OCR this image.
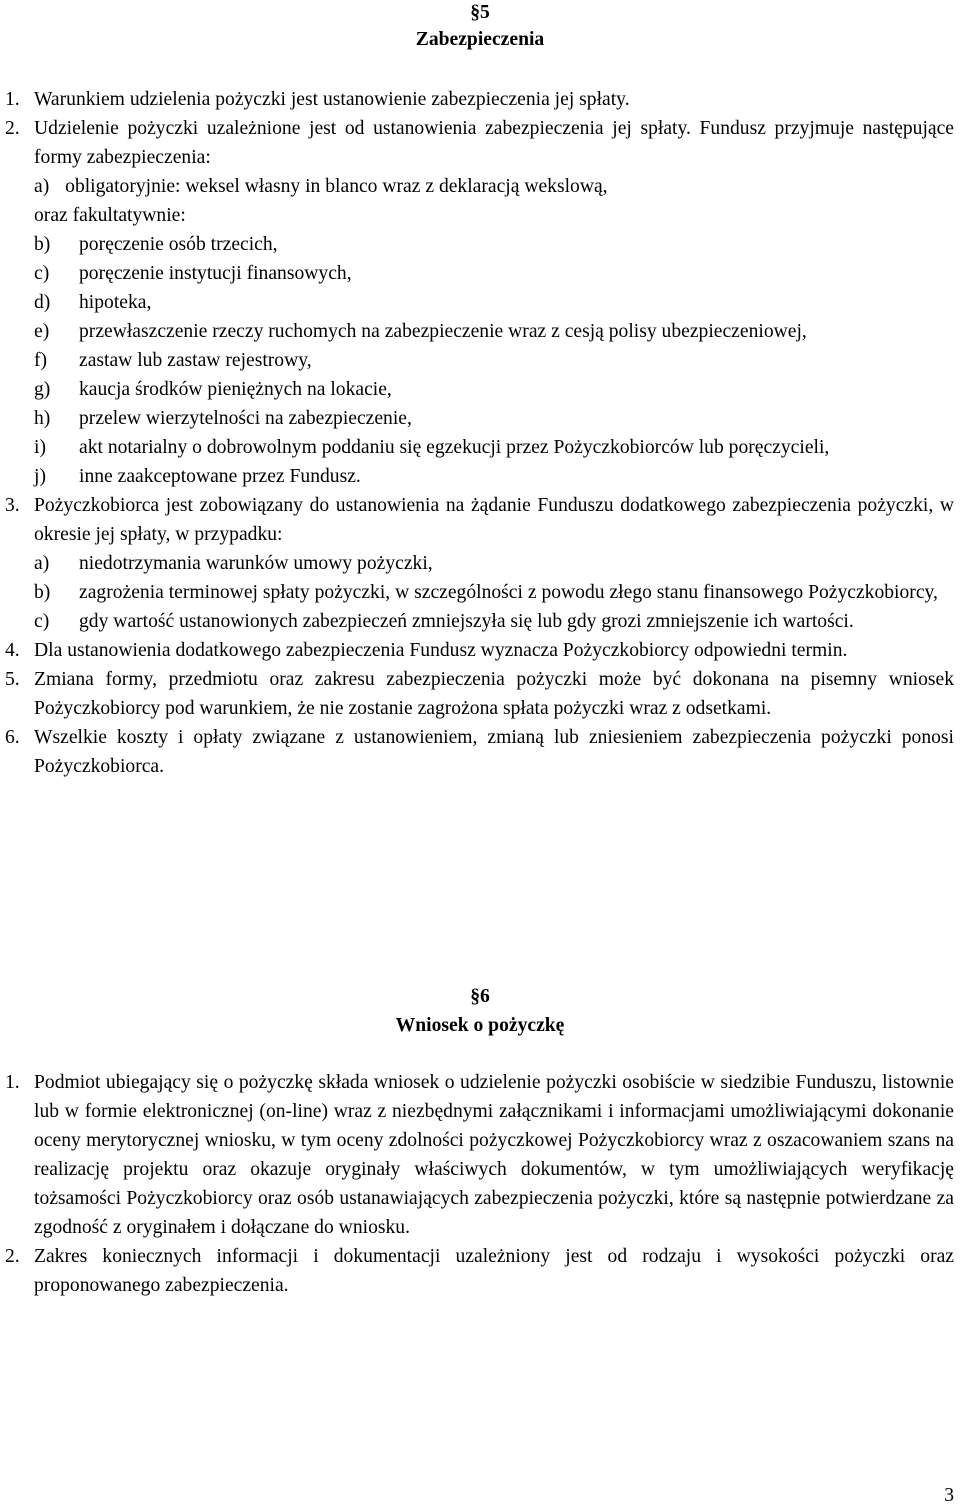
§5

Zabezpieczenia

1. Warunkiem udzielenia pożyczki jest ustanowienie zabezpieczenia jej spłaty.
2. Udzielenie pożyczki uzależnione jest od ustanowienia zabezpieczenia jej spłaty. Fundusz przyjmuje następujące formy zabezpieczenia:
a) obligatoryjnie: weksel własny in blanco wraz z deklaracją wekslową,
oraz fakultatywnie:
b) poręczenie osób trzecich,
c) poręczenie instytucji finansowych,
d) hipoteka,
e) przewłaszczenie rzeczy ruchomych na zabezpieczenie wraz z cesją polisy ubezpieczeniowej,
f) zastaw lub zastaw rejestrowy,
g) kaucja środków pieniężnych na lokacie,
h) przelew wierzytelności na zabezpieczenie,
i) akt notarialny o dobrowolnym poddaniu się egzekucji przez Pożyczkobiorców lub poręczycieli,
j) inne zaakceptowane przez Fundusz.
3. Pożyczkobiorca jest zobowiązany do ustanowienia na żądanie Funduszu dodatkowego zabezpieczenia pożyczki, w okresie jej spłaty, w przypadku:
a) niedotrzymania warunków umowy pożyczki,
b) zagrożenia terminowej spłaty pożyczki, w szczególności z powodu złego stanu finansowego Pożyczkobiorcy,
c) gdy wartość ustanowionych zabezpieczeń zmniejszyła się lub gdy grozi zmniejszenie ich wartości.
4. Dla ustanowienia dodatkowego zabezpieczenia Fundusz wyznacza Pożyczkobiorcy odpowiedni termin.
5. Zmiana formy, przedmiotu oraz zakresu zabezpieczenia pożyczki może być dokonana na pisemny wniosek Pożyczkobiorcy pod warunkiem, że nie zostanie zagrożona spłata pożyczki wraz z odsetkami.
6. Wszelkie koszty i opłaty związane z ustanowieniem, zmianą lub zniesieniem zabezpieczenia pożyczki ponosi Pożyczkobiorca.

§6

Wniosek o pożyczkę

1. Podmiot ubiegający się o pożyczkę składa wniosek o udzielenie pożyczki osobiście w siedzibie Funduszu, listownie lub w formie elektronicznej (on-line) wraz z niezbędnymi załącznikami i informacjami umożliwiającymi dokonanie oceny merytorycznej wniosku, w tym oceny zdolności pożyczkowej Pożyczkobiorcy wraz z oszacowaniem szans na realizację projektu oraz okazuje oryginały właściwych dokumentów, w tym umożliwiających weryfikację tożsamości Pożyczkobiorcy oraz osób ustanawiających zabezpieczenia pożyczki, które są następnie potwierdzane za zgodność z oryginałem i dołączane do wniosku.
2. Zakres koniecznych informacji i dokumentacji uzależniony jest od rodzaju i wysokości pożyczki oraz proponowanego zabezpieczenia.
3
